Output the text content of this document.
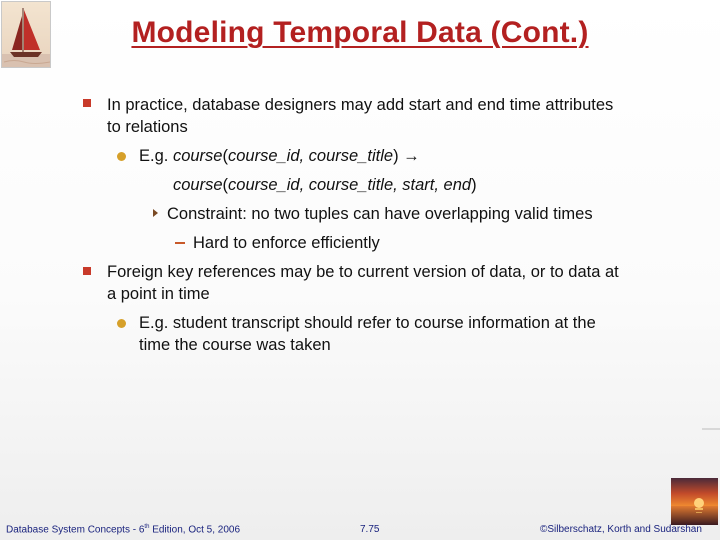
Modeling Temporal Data (Cont.)
In practice, database designers may add start and end time attributes
to relations
E.g. course(course_id, course_title) →
course(course_id, course_title, start, end)
Constraint: no two tuples can have overlapping valid times
Hard to enforce efficiently
Foreign key references may be to current version of data, or to data at
a point in time
E.g. student transcript should refer to course information at the
time the course was taken
Database System Concepts - 6th Edition, Oct 5, 2006	7.75	©Silberschatz, Korth and Sudarshan
